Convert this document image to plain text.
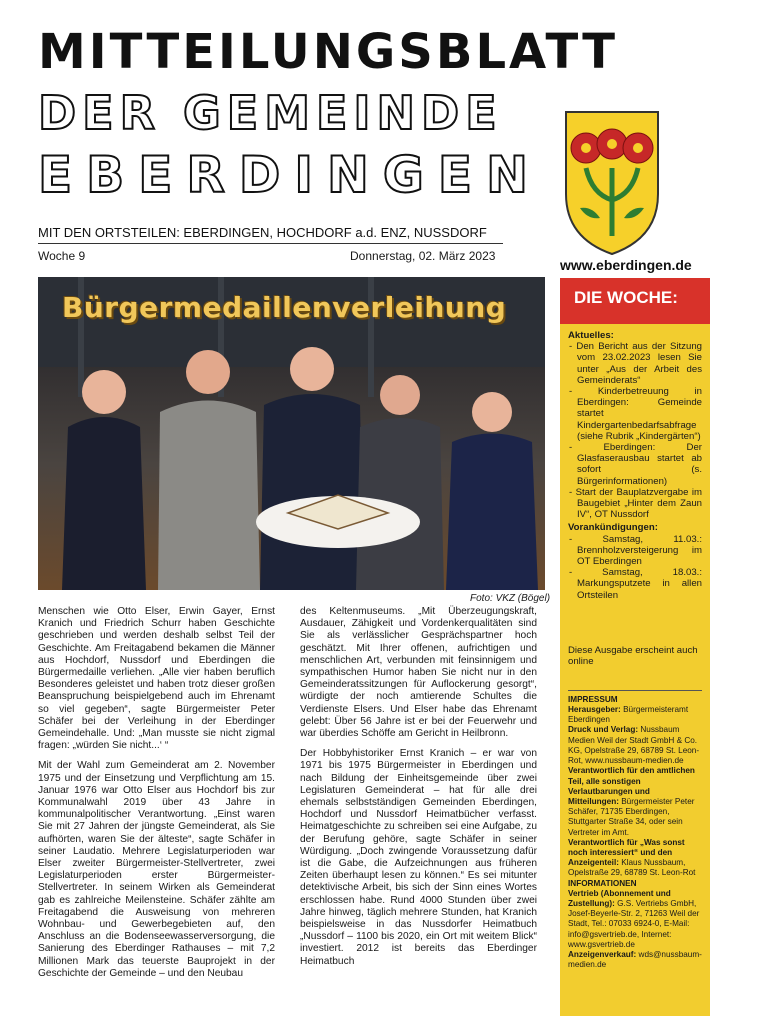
MITTEILUNGSBLATT
DER GEMEINDE
EBERDINGEN
MIT DEN ORTSTEILEN: EBERDINGEN, HOCHDORF a.d. ENZ, NUSSDORF
Woche 9	Donnerstag, 02. März 2023
www.eberdingen.de
Bürgermedaillenverleihung
Foto: VKZ (Bögel)

Menschen wie Otto Elser, Erwin Gayer, Ernst Kranich und Friedrich Schurr haben Geschichte geschrieben und werden deshalb selbst Teil der Geschichte. Am Freitagabend bekamen die Männer aus Hochdorf, Nussdorf und Eberdingen die Bürgermedaille verliehen. „Alle vier haben beruflich Besonderes geleistet und haben trotz dieser großen Beanspruchung beispielgebend auch im Ehrenamt so viel gegeben“, sagte Bürgermeister Peter Schäfer bei der Verleihung in der Eberdinger Gemeindehalle. Und: „Man musste sie nicht zigmal fragen: „würden Sie nicht...‘ “

Mit der Wahl zum Gemeinderat am 2. November 1975 und der Einsetzung und Verpflichtung am 15. Januar 1976 war Otto Elser aus Hochdorf bis zur Kommunalwahl 2019 über 43 Jahre in kommunalpolitischer Verantwortung. „Einst waren Sie mit 27 Jahren der jüngste Gemeinderat, als Sie aufhörten, waren Sie der älteste“, sagte Schäfer in seiner Laudatio. Mehrere Legislaturperioden war Elser zweiter Bürgermeister-Stellvertreter, zwei Legislaturperioden erster Bürgermeister-Stellvertreter. In seinem Wirken als Gemeinderat gab es zahlreiche Meilensteine. Schäfer zählte am Freitagabend die Ausweisung von mehreren Wohnbau- und Gewerbegebieten auf, den Anschluss an die Bodenseewasserversorgung, die Sanierung des Eberdinger Rathauses – mit 7,2 Millionen Mark das teuerste Bauprojekt in der Geschichte der Gemeinde – und den Neubau

des Keltenmuseums. „Mit Überzeugungskraft, Ausdauer, Zähigkeit und Vordenkerqualitäten sind Sie als verlässlicher Gesprächspartner hoch geschätzt. Mit Ihrer offenen, aufrichtigen und menschlichen Art, verbunden mit feinsinnigem und sympathischen Humor haben Sie nicht nur in den Gemeinderatssitzungen für Auflockerung gesorgt“, würdigte der noch amtierende Schultes die Verdienste Elsers. Und Elser habe das Ehrenamt gelebt: Über 56 Jahre ist er bei der Feuerwehr und war überdies Schöffe am Gericht in Heilbronn.

Der Hobbyhistoriker Ernst Kranich – er war von 1971 bis 1975 Bürgermeister in Eberdingen und nach Bildung der Einheitsgemeinde über zwei Legislaturen Gemeinderat – hat für alle drei ehemals selbstständigen Gemeinden Eberdingen, Hochdorf und Nussdorf Heimatbücher verfasst. Heimatgeschichte zu schreiben sei eine Aufgabe, zu der Berufung gehöre, sagte Schäfer in seiner Würdigung. „Doch zwingende Voraussetzung dafür ist die Gabe, die Aufzeichnungen aus früheren Zeiten überhaupt lesen zu können.“ Es sei mitunter detektivische Arbeit, bis sich der Sinn eines Wortes erschlossen habe. Rund 4000 Stunden über zwei Jahre hinweg, täglich mehrere Stunden, hat Kranich beispielsweise in das Nussdorfer Heimatbuch „Nussdorf – 1100 bis 2020, ein Ort mit weitem Blick“ investiert. 2012 ist bereits das Eberdinger Heimatbuch

DIE WOCHE:
Aktuelles:
- Den Bericht aus der Sitzung vom 23.02.2023 lesen Sie unter „Aus der Arbeit des Gemeinderats“
- Kinderbetreuung in Eberdingen: Gemeinde startet Kindergartenbedarfsabfrage (siehe Rubrik „Kindergärten“)
- Eberdingen: Der Glasfaserausbau startet ab sofort (s. Bürgerinformationen)
- Start der Bauplatzvergabe im Baugebiet „Hinter dem Zaun IV“, OT Nussdorf
Vorankündigungen:
- Samstag, 11.03.: Brennholzversteigerung im OT Eberdingen
- Samstag, 18.03.: Markungsputzete in allen Ortsteilen
Diese Ausgabe erscheint auch online
IMPRESSUM
Herausgeber: Bürgermeisteramt Eberdingen
Druck und Verlag: Nussbaum Medien Weil der Stadt GmbH & Co. KG, Opelstraße 29, 68789 St. Leon-Rot, www.nussbaum-medien.de
Verantwortlich für den amtlichen Teil, alle sonstigen Verlautbarungen und Mitteilungen: Bürgermeister Peter Schäfer, 71735 Eberdingen, Stuttgarter Straße 34, oder sein Vertreter im Amt.
Verantwortlich für „Was sonst noch interessiert“ und den Anzeigenteil: Klaus Nussbaum, Opelstraße 29, 68789 St. Leon-Rot
INFORMATIONEN
Vertrieb (Abonnement und Zustellung): G.S. Vertriebs GmbH, Josef-Beyerle-Str. 2, 71263 Weil der Stadt, Tel.: 07033 6924-0, E-Mail: info@gsvertrieb.de, Internet: www.gsvertrieb.de
Anzeigenverkauf: wds@nussbaum-medien.de
